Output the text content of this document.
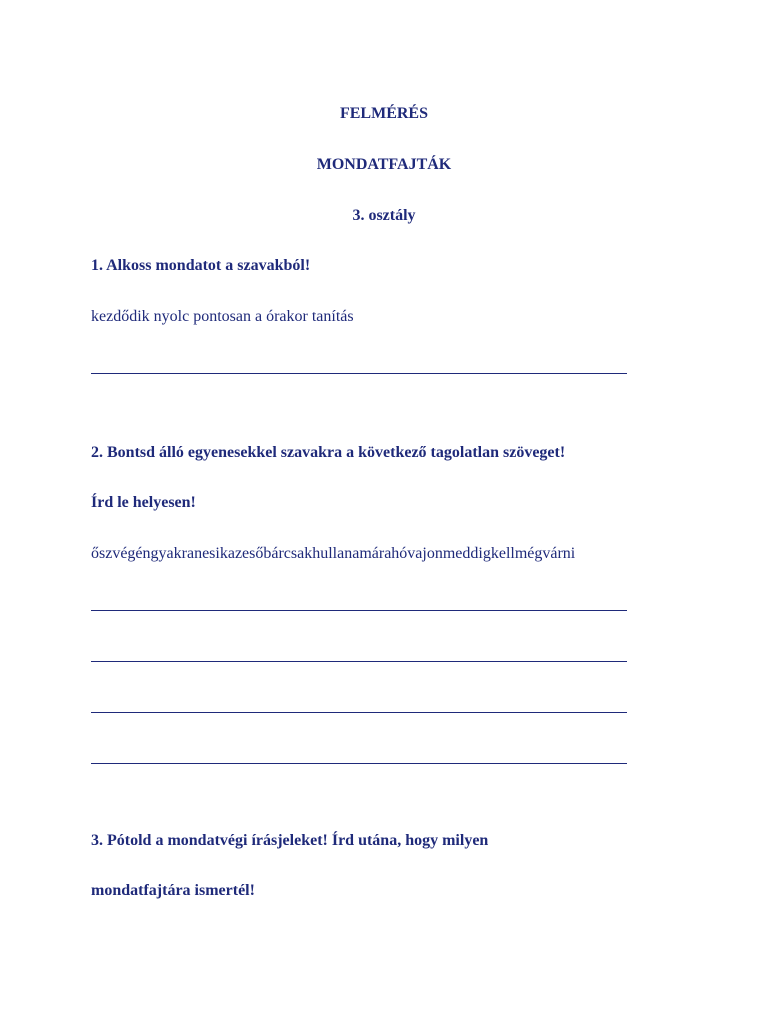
FELMÉRÉS
MONDATFAJTÁK
3. osztály
1. Alkoss mondatot a szavakból!
kezdődik nyolc pontosan a órakor tanítás
2. Bontsd álló egyenesekkel szavakra a következő tagolatlan szöveget!
Írd le helyesen!
őszvégéngyakranesikazesőbárcsakhullanamárahóvajonmeddigkellmégvárni
3. Pótold a mondatvégi írásjeleket! Írd utána, hogy milyen
mondatfajtára ismertél!
